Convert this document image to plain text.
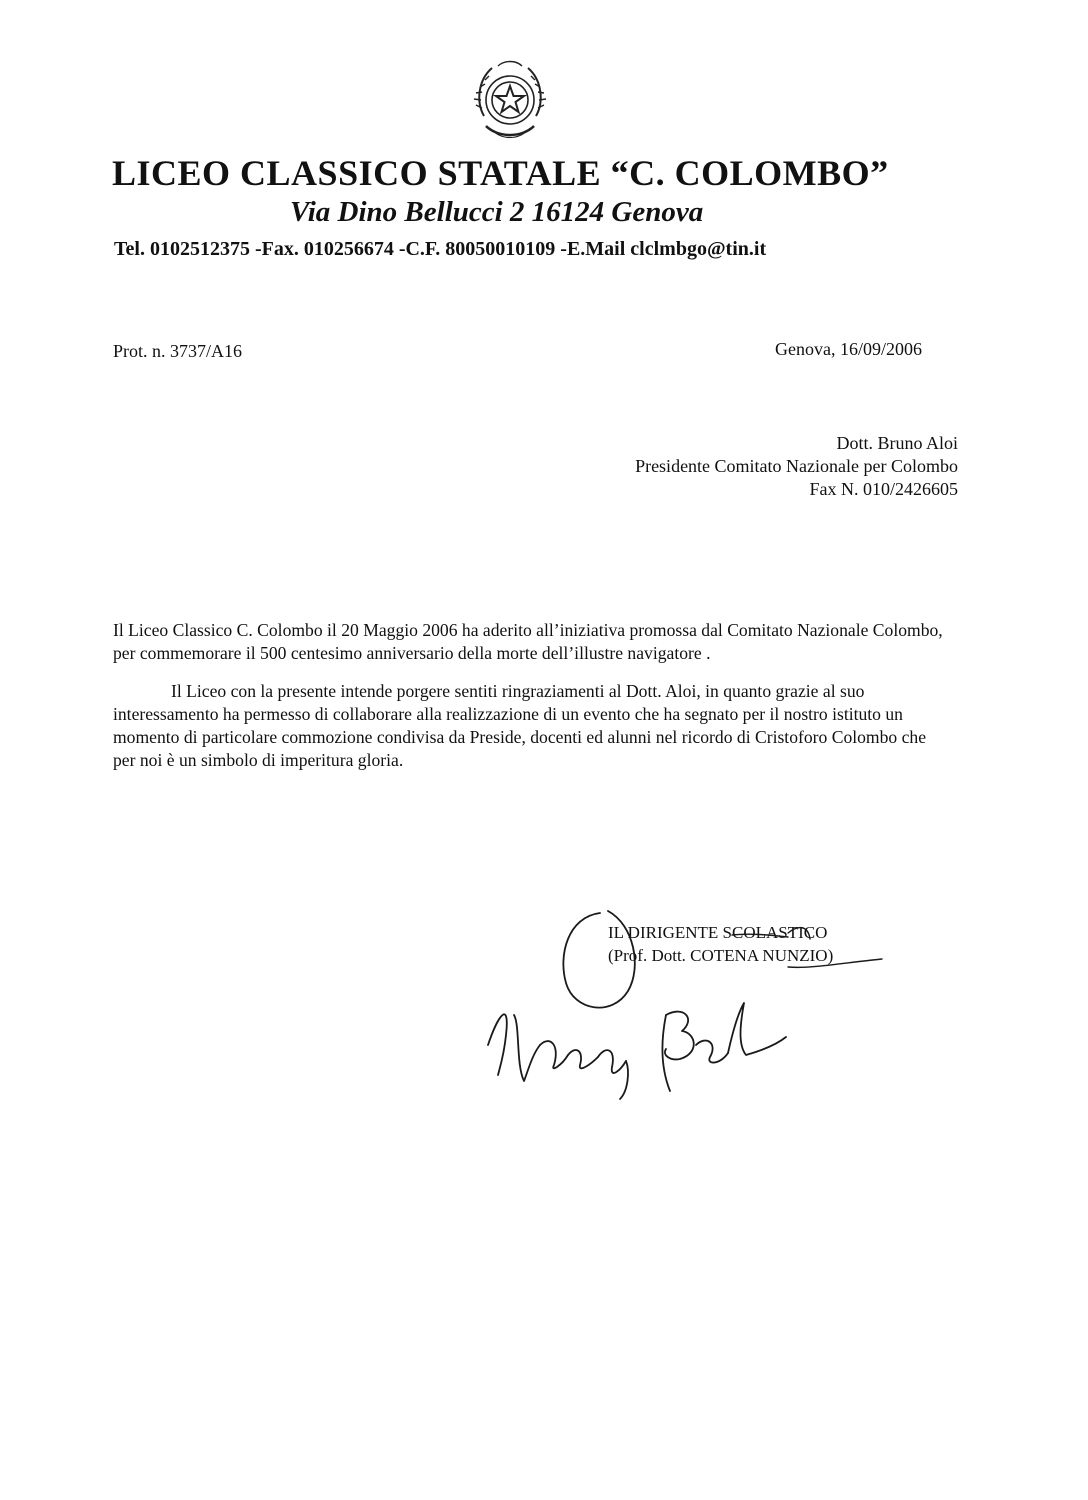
LICEO CLASSICO STATALE “C. COLOMBO”
Via Dino Bellucci 2 16124 Genova
Tel. 0102512375 -Fax. 010256674 -C.F. 80050010109 -E.Mail clclmbgo@tin.it
Prot. n. 3737/A16	Genova, 16/09/2006
Dott. Bruno Aloi
Presidente Comitato Nazionale per Colombo
Fax N. 010/2426605

Il Liceo Classico C. Colombo il 20 Maggio 2006 ha aderito all’iniziativa promossa dal Comitato Nazionale Colombo, per commemorare il 500 centesimo anniversario della morte dell’illustre navigatore .

Il Liceo con la presente intende porgere sentiti ringraziamenti al Dott. Aloi, in quanto grazie al suo interessamento ha permesso di collaborare alla realizzazione di un evento che ha segnato per il nostro istituto un momento di particolare commozione condivisa da Preside, docenti ed alunni nel ricordo di Cristoforo Colombo che per noi è un simbolo di imperitura gloria.

IL DIRIGENTE SCOLASTICO
(Prof. Dott. COTENA NUNZIO)
